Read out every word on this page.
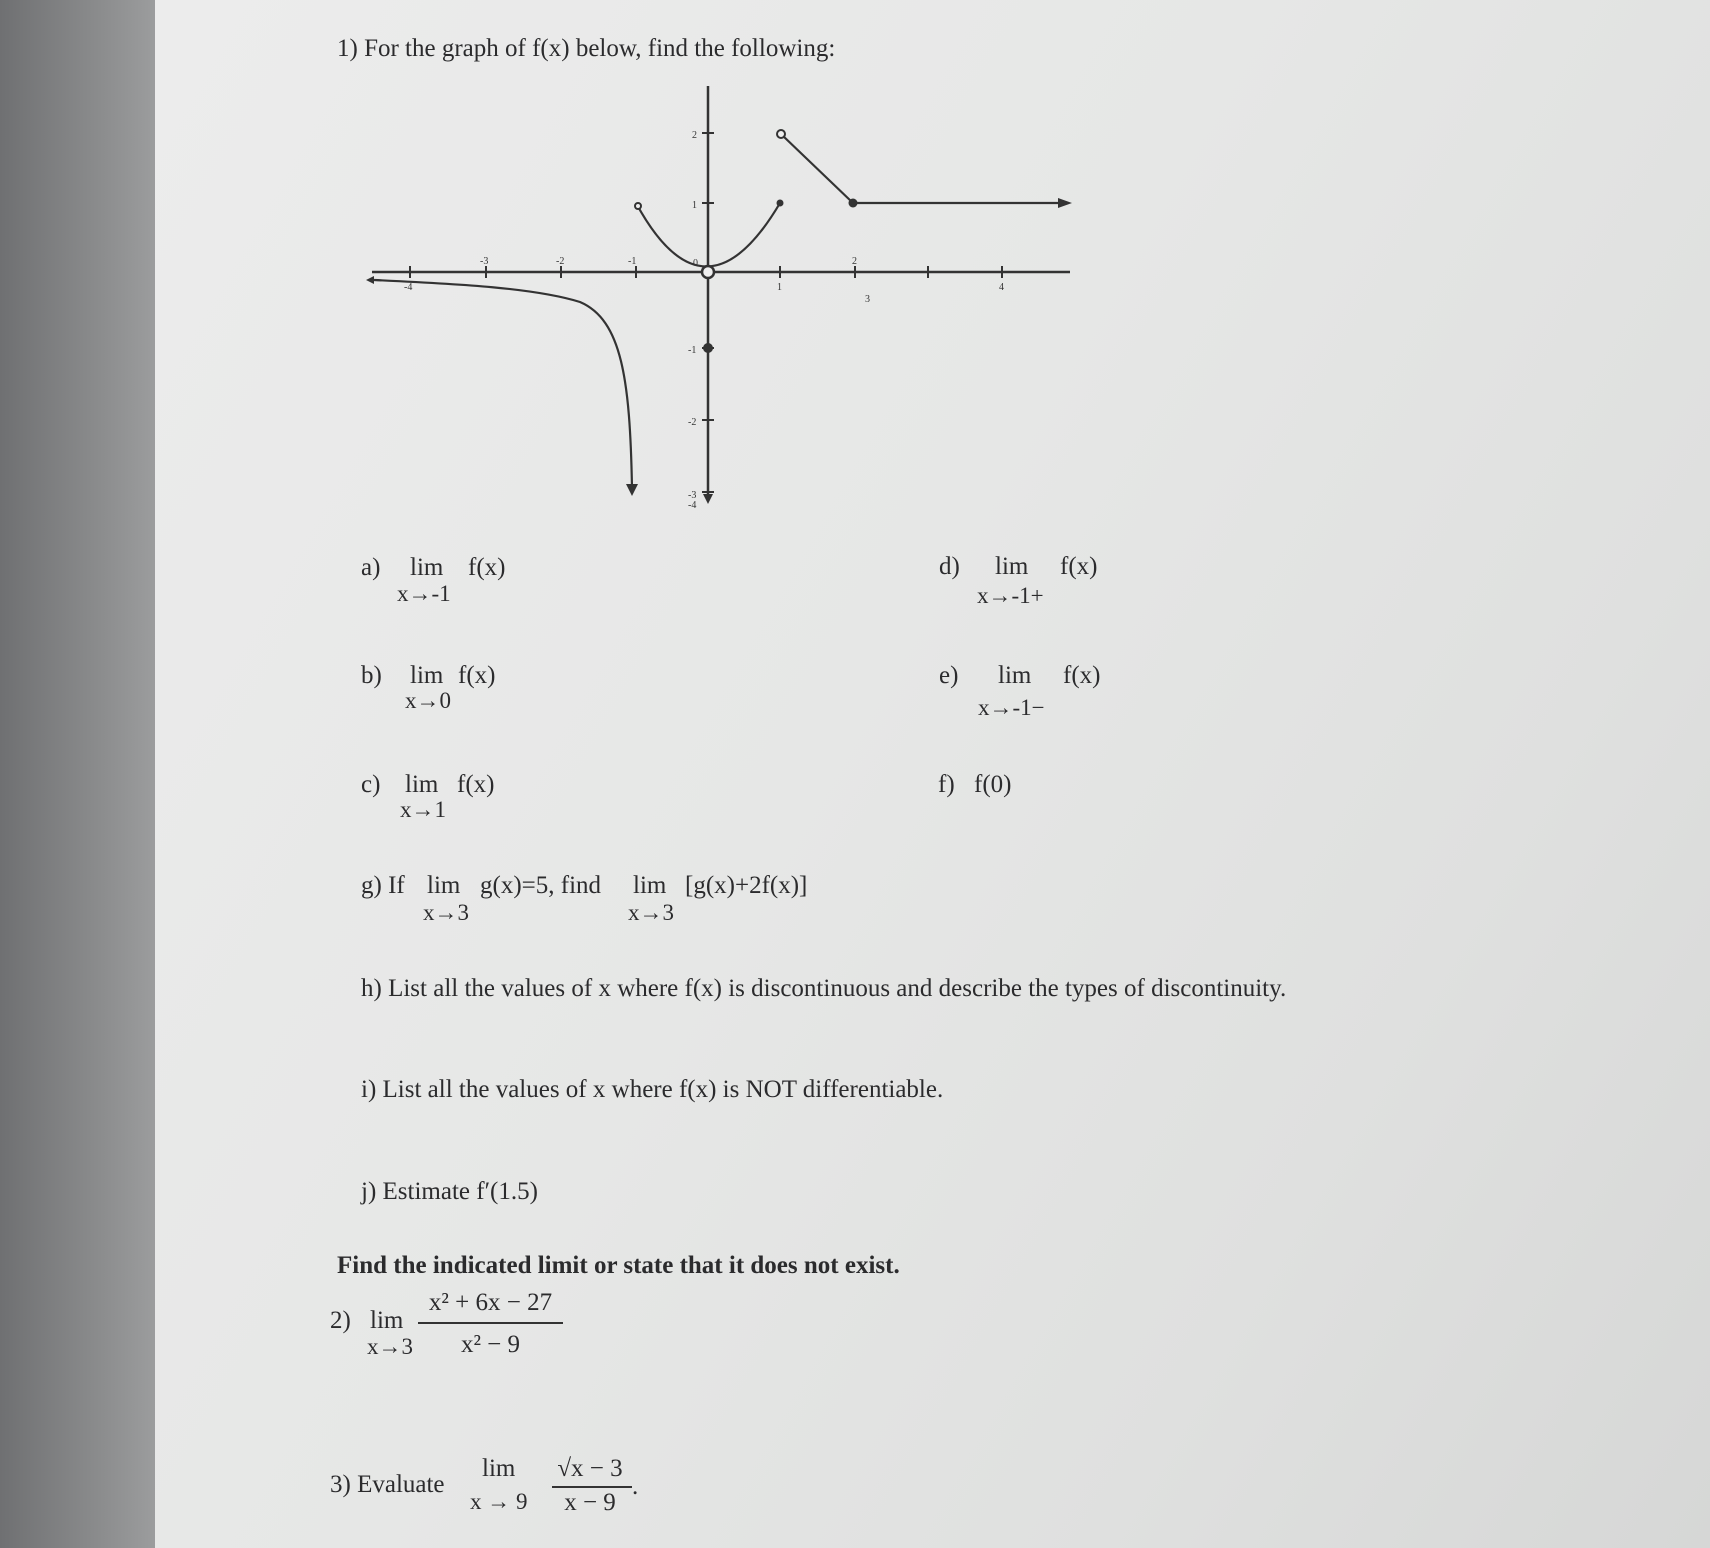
1) For the graph of f(x) below, find the following:
-4
-3	-2	-1	0
1
2
3
4
2
1
-1
-2
-3
-4
a) lim f(x)
x→-1
d) lim f(x)
x→-1+
b) lim f(x)
x→0
e) lim f(x)
x→-1−
c) lim f(x)
x→1
f) f(0)
g) If lim g(x)=5, find
x→3
lim [g(x)+2f(x)]
x→3
h) List all the values of x where f(x) is discontinuous and describe the types of discontinuity.
i) List all the values of x where f(x) is NOT differentiable.
j) Estimate f′(1.5)
Find the indicated limit or state that it does not exist.
2) lim
x→3
x² + 6x − 27
x² − 9
3) Evaluate
lim
x → 9
√x − 3
x − 9
.
